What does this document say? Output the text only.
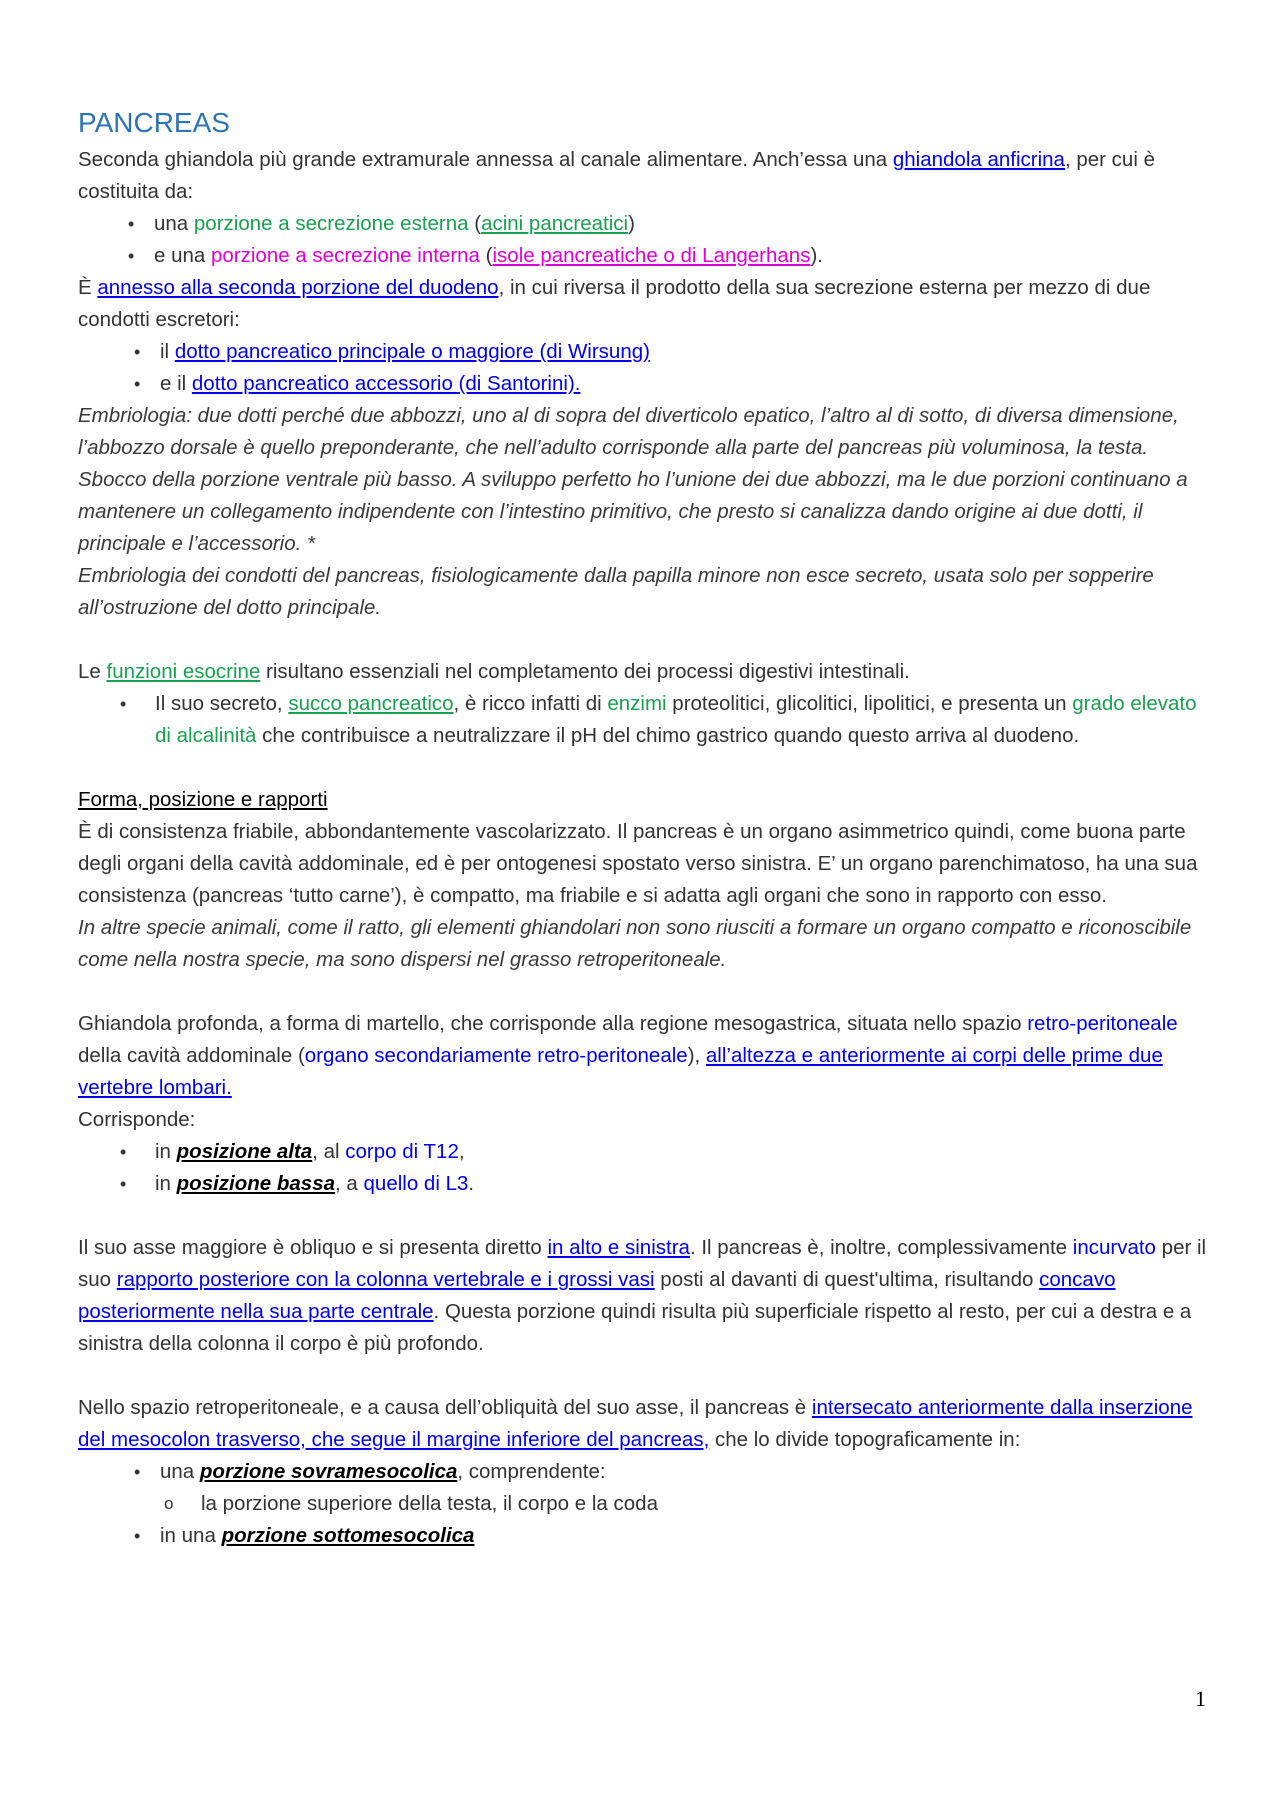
PANCREAS

Seconda ghiandola più grande extramurale annessa al canale alimentare. Anch’essa una ghiandola anficrina, per cui è costituita da:

• una porzione a secrezione esterna (acini pancreatici)
• e una porzione a secrezione interna (isole pancreatiche o di Langerhans).

È annesso alla seconda porzione del duodeno, in cui riversa il prodotto della sua secrezione esterna per mezzo di due condotti escretori:

• il dotto pancreatico principale o maggiore (di Wirsung)
• e il dotto pancreatico accessorio (di Santorini).

Embriologia: due dotti perché due abbozzi, uno al di sopra del diverticolo epatico, l’altro al di sotto, di diversa dimensione, l’abbozzo dorsale è quello preponderante, che nell’adulto corrisponde alla parte del pancreas più voluminosa, la testa. Sbocco della porzione ventrale più basso. A sviluppo perfetto ho l’unione dei due abbozzi, ma le due porzioni continuano a mantenere un collegamento indipendente con l’intestino primitivo, che presto si canalizza dando origine ai due dotti, il principale e l’accessorio. *

Embriologia dei condotti del pancreas, fisiologicamente dalla papilla minore non esce secreto, usata solo per sopperire all’ostruzione del dotto principale.

Le funzioni esocrine risultano essenziali nel completamento dei processi digestivi intestinali.

• Il suo secreto, succo pancreatico, è ricco infatti di enzimi proteolitici, glicolitici, lipolitici, e presenta un grado elevato di alcalinità che contribuisce a neutralizzare il pH del chimo gastrico quando questo arriva al duodeno.

Forma, posizione e rapporti

È di consistenza friabile, abbondantemente vascolarizzato. Il pancreas è un organo asimmetrico quindi, come buona parte degli organi della cavità addominale, ed è per ontogenesi spostato verso sinistra. E’ un organo parenchimatoso, ha una sua consistenza (pancreas ‘tutto carne’), è compatto, ma friabile e si adatta agli organi che sono in rapporto con esso.

In altre specie animali, come il ratto, gli elementi ghiandolari non sono riusciti a formare un organo compatto e riconoscibile come nella nostra specie, ma sono dispersi nel grasso retroperitoneale.

Ghiandola profonda, a forma di martello, che corrisponde alla regione mesogastrica, situata nello spazio retro-peritoneale della cavità addominale (organo secondariamente retro-peritoneale), all’altezza e anteriormente ai corpi delle prime due vertebre lombari.

Corrisponde:

• in posizione alta, al corpo di T12,
• in posizione bassa, a quello di L3.

Il suo asse maggiore è obliquo e si presenta diretto in alto e sinistra. Il pancreas è, inoltre, complessivamente incurvato per il suo rapporto posteriore con la colonna vertebrale e i grossi vasi posti al davanti di quest'ultima, risultando concavo posteriormente nella sua parte centrale. Questa porzione quindi risulta più superficiale rispetto al resto, per cui a destra e a sinistra della colonna il corpo è più profondo.

Nello spazio retroperitoneale, e a causa dell’obliquità del suo asse, il pancreas è intersecato anteriormente dalla inserzione del mesocolon trasverso, che segue il margine inferiore del pancreas, che lo divide topograficamente in:

• una porzione sovramesocolica, comprendente:
o la porzione superiore della testa, il corpo e la coda
• in una porzione sottomesocolica
1
